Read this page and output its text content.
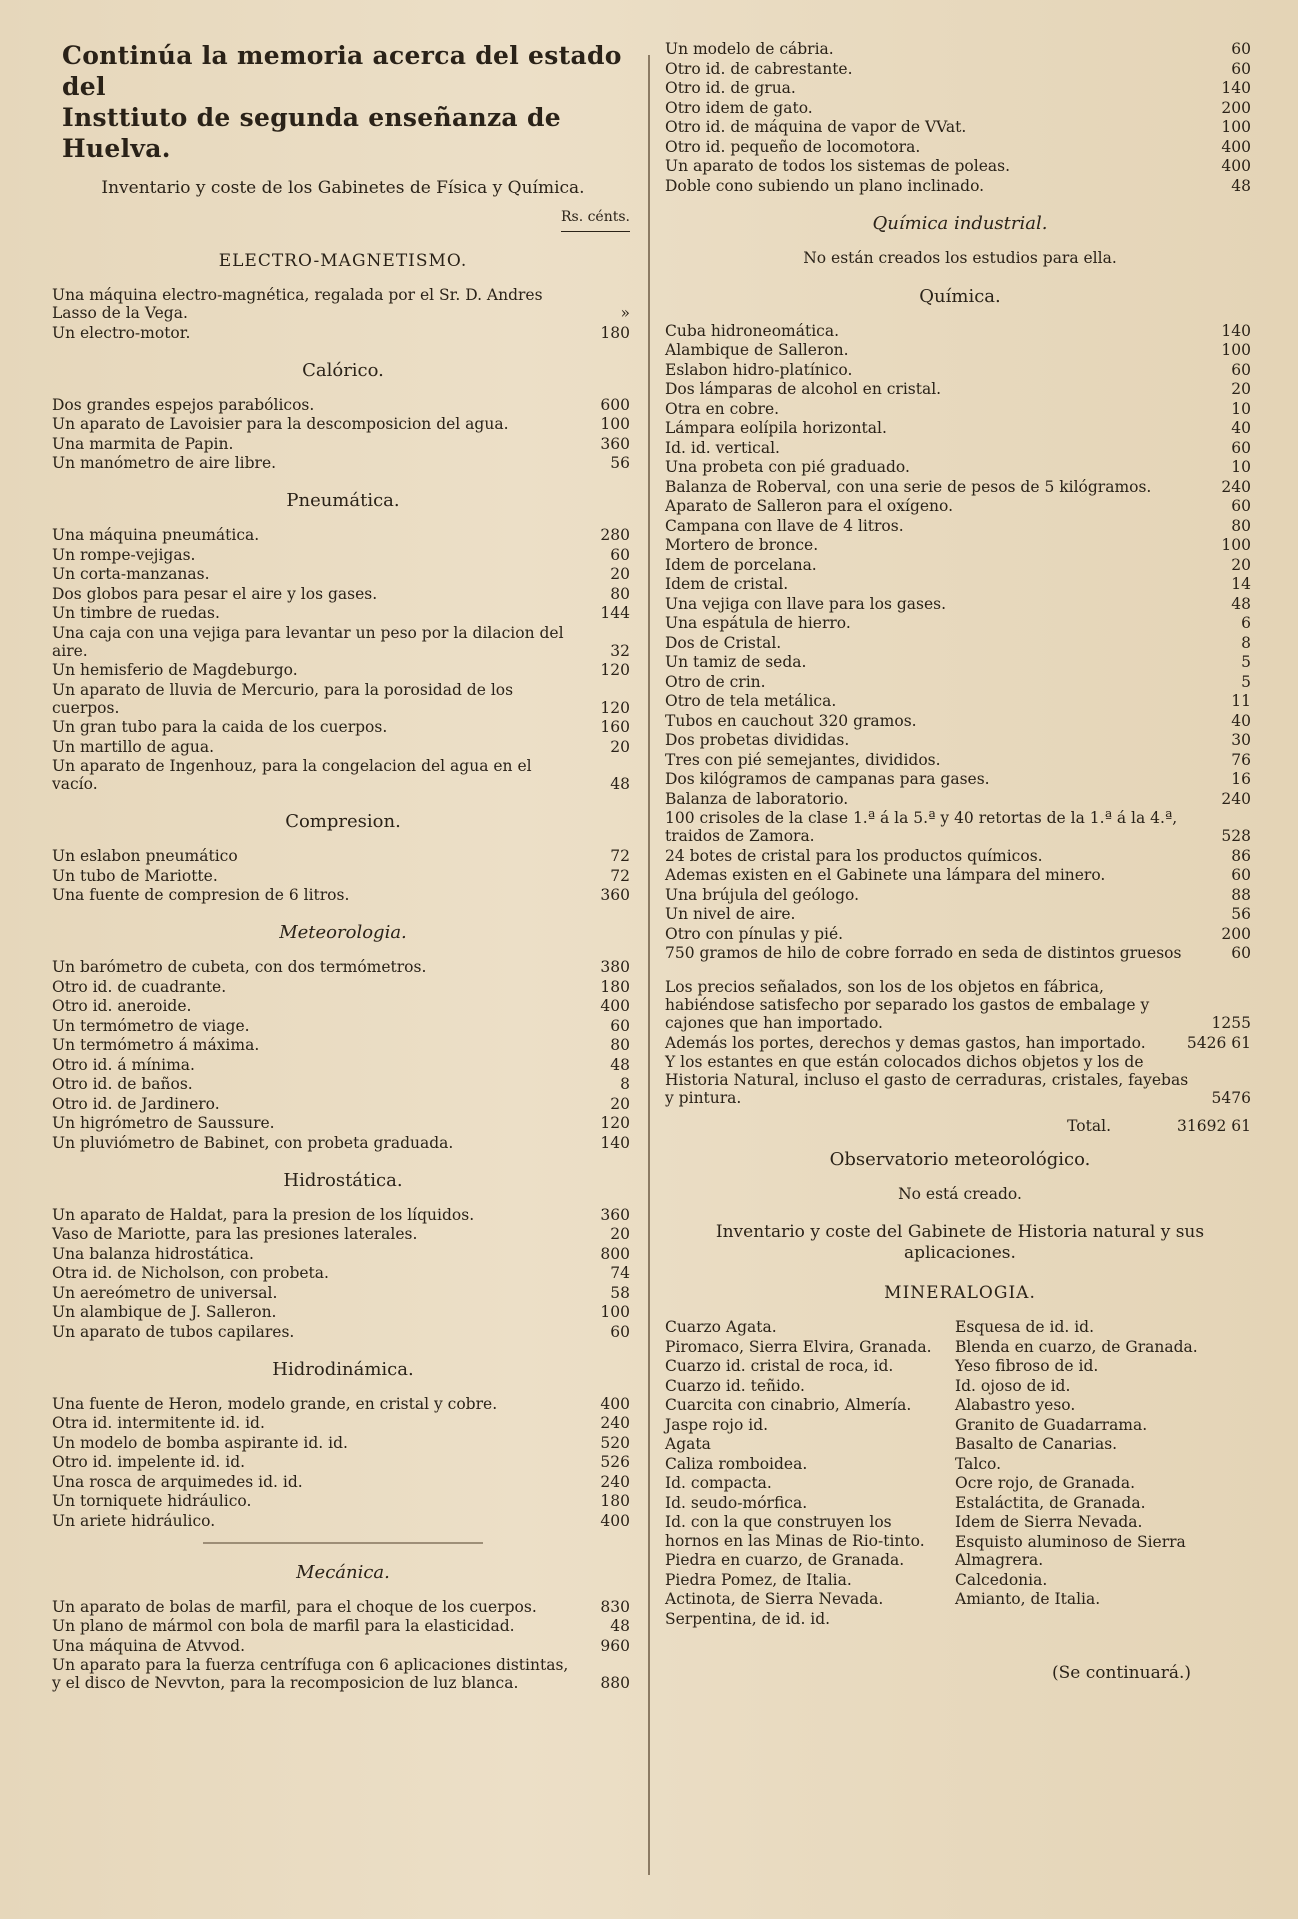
Continúa la memoria acerca del estado del
Insttiuto de segunda enseñanza de Huelva.
Inventario y coste de los Gabinetes de Física y Química.
Rs. cénts.
ELECTRO-MAGNETISMO.
Una máquina electro-magnética, regalada por el Sr. D. Andres Lasso de la Vega.	»
Un electro-motor.	180
Calórico.
Dos grandes espejos parabólicos.	600
Un aparato de Lavoisier para la descomposicion del agua.	100
Una marmita de Papin.	360
Un manómetro de aire libre.	56
Pneumática.
Una máquina pneumática.	280
Un rompe-vejigas.	60
Un corta-manzanas.	20
Dos globos para pesar el aire y los gases.	80
Un timbre de ruedas.	144
Una caja con una vejiga para levantar un peso por la dilacion del aire.	32
Un hemisferio de Magdeburgo.	120
Un aparato de lluvia de Mercurio, para la porosidad de los cuerpos.	120
Un gran tubo para la caida de los cuerpos.	160
Un martillo de agua.	20
Un aparato de Ingenhouz, para la congelacion del agua en el vacío.	48
Compresion.
Un eslabon pneumático	72
Un tubo de Mariotte.	72
Una fuente de compresion de 6 litros.	360
Meteorologia.
Un barómetro de cubeta, con dos termómetros.	380
Otro id. de cuadrante.	180
Otro id. aneroide.	400
Un termómetro de viage.	60
Un termómetro á máxima.	80
Otro id. á mínima.	48
Otro id. de baños.	8
Otro id. de Jardinero.	20
Un higrómetro de Saussure.	120
Un pluviómetro de Babinet, con probeta graduada.	140
Hidrostática.
Un aparato de Haldat, para la presion de los líquidos.	360
Vaso de Mariotte, para las presiones laterales.	20
Una balanza hidrostática.	800
Otra id. de Nicholson, con probeta.	74
Un aereómetro de universal.	58
Un alambique de J. Salleron.	100
Un aparato de tubos capilares.	60
Hidrodinámica.
Una fuente de Heron, modelo grande, en cristal y cobre.	400
Otra id. intermitente id. id.	240
Un modelo de bomba aspirante id. id.	520
Otro id. impelente id. id.	526
Una rosca de arquimedes id. id.	240
Un torniquete hidráulico.	180
Un ariete hidráulico.	400
Mecánica.
Un aparato de bolas de marfil, para el choque de los cuerpos.	830
Un plano de mármol con bola de marfil para la elasticidad.	48
Una máquina de Atvvod.	960
Un aparato para la fuerza centrífuga con 6 aplicaciones distintas, y el disco de Nevvton, para la recomposicion de luz blanca.	880
Un modelo de cábria.	60
Otro id. de cabrestante.	60
Otro id. de grua.	140
Otro idem de gato.	200
Otro id. de máquina de vapor de VVat.	100
Otro id. pequeño de locomotora.	400
Un aparato de todos los sistemas de poleas.	400
Doble cono subiendo un plano inclinado.	48
Química industrial.
No están creados los estudios para ella.
Química.
Cuba hidroneomática.	140
Alambique de Salleron.	100
Eslabon hidro-platínico.	60
Dos lámparas de alcohol en cristal.	20
Otra en cobre.	10
Lámpara eolípila horizontal.	40
Id. id. vertical.	60
Una probeta con pié graduado.	10
Balanza de Roberval, con una serie de pesos de 5 kilógramos.	240
Aparato de Salleron para el oxígeno.	60
Campana con llave de 4 litros.	80
Mortero de bronce.	100
Idem de porcelana.	20
Idem de cristal.	14
Una vejiga con llave para los gases.	48
Una espátula de hierro.	6
Dos de Cristal.	8
Un tamiz de seda.	5
Otro de crin.	5
Otro de tela metálica.	11
Tubos en cauchout 320 gramos.	40
Dos probetas divididas.	30
Tres con pié semejantes, divididos.	76
Dos kilógramos de campanas para gases.	16
Balanza de laboratorio.	240
100 crisoles de la clase 1.ª á la 5.ª y 40 retortas de la 1.ª á la 4.ª, traidos de Zamora.	528
24 botes de cristal para los productos químicos.	86
Ademas existen en el Gabinete una lámpara del minero.	60
Una brújula del geólogo.	88
Un nivel de aire.	56
Otro con pínulas y pié.	200
750 gramos de hilo de cobre forrado en seda de distintos gruesos	60
Los precios señalados, son los de los objetos en fábrica, habiéndose satisfecho por separado los gastos de embalage y cajones que han importado.	1255
Además los portes, derechos y demas gastos, han importado.	5426 61
Y los estantes en que están colocados dichos objetos y los de Historia Natural, incluso el gasto de cerraduras, cristales, fayebas y pintura.	5476
Total.	31692 61
Observatorio meteorológico.
No está creado.
Inventario y coste del Gabinete de Historia natural y sus aplicaciones.
MINERALOGIA.
Cuarzo Agata.
Piromaco, Sierra Elvira, Granada.
Cuarzo id. cristal de roca, id.
Cuarzo id. teñido.
Cuarcita con cinabrio, Almería.
Jaspe rojo id.
Agata
Caliza romboidea.
Id. compacta.
Id. seudo-mórfica.
Id. con la que construyen los hornos en las Minas de Rio-tinto.
Piedra en cuarzo, de Granada.
Piedra Pomez, de Italia.
Actinota, de Sierra Nevada.
Serpentina, de id. id.
Esquesa de id. id.
Blenda en cuarzo, de Granada.
Yeso fibroso de id.
Id. ojoso de id.
Alabastro yeso.
Granito de Guadarrama.
Basalto de Canarias.
Talco.
Ocre rojo, de Granada.
Estaláctita, de Granada.
Idem de Sierra Nevada.
Esquisto aluminoso de Sierra Almagrera.
Calcedonia.
Amianto, de Italia.
(Se continuará.)
